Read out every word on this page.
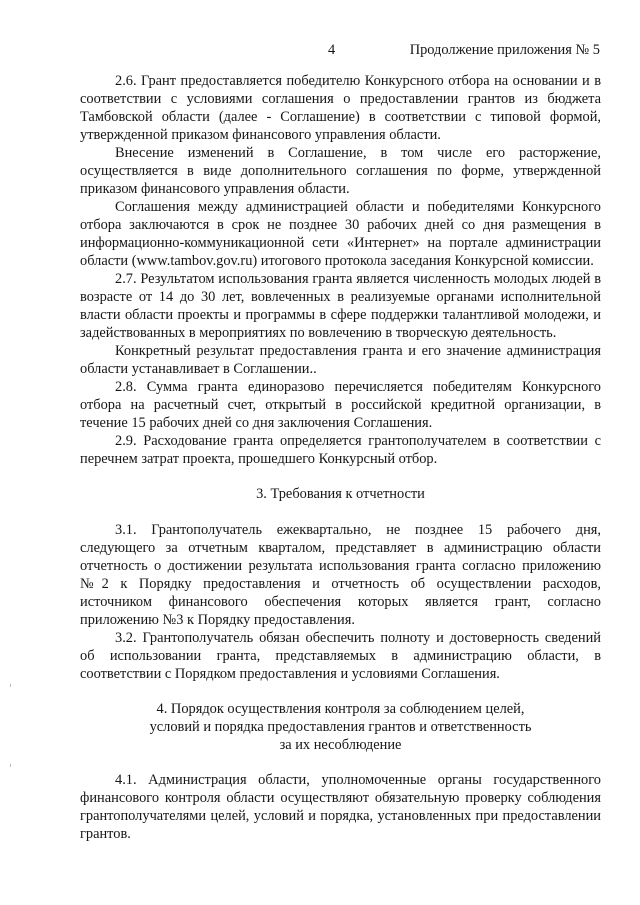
4	Продолжение приложения № 5

2.6. Грант предоставляется победителю Конкурсного отбора на основании и в соответствии с условиями соглашения о предоставлении грантов из бюджета Тамбовской области (далее - Соглашение) в соответствии с типовой формой, утвержденной приказом финансового управления области.

Внесение изменений в Соглашение, в том числе его расторжение, осуществляется в виде дополнительного соглашения по форме, утвержденной приказом финансового управления области.

Соглашения между администрацией области и победителями Конкурсного отбора заключаются в срок не позднее 30 рабочих дней со дня размещения в информационно-коммуникационной сети «Интернет» на портале администрации области (www.tambov.gov.ru) итогового протокола заседания Конкурсной комиссии.

2.7. Результатом использования гранта является численность молодых людей в возрасте от 14 до 30 лет, вовлеченных в реализуемые органами исполнительной власти области проекты и программы в сфере поддержки талантливой молодежи, и задействованных в мероприятиях по вовлечению в творческую деятельность.

Конкретный результат предоставления гранта и его значение администрация области устанавливает в Соглашении..

2.8. Сумма гранта единоразово перечисляется победителям Конкурсного отбора на расчетный счет, открытый в российской кредитной организации, в течение 15 рабочих дней со дня заключения Соглашения.

2.9. Расходование гранта определяется грантополучателем в соответствии с перечнем затрат проекта, прошедшего Конкурсный отбор.

3. Требования к отчетности

3.1. Грантополучатель ежеквартально, не позднее 15 рабочего дня, следующего за отчетным кварталом, представляет в администрацию области отчетность о достижении результата использования гранта согласно приложению №2 к Порядку предоставления и отчетность об осуществлении расходов, источником финансового обеспечения которых является грант, согласно приложению №3 к Порядку предоставления.

3.2. Грантополучатель обязан обеспечить полноту и достоверность сведений об использовании гранта, представляемых в администрацию области, в соответствии с Порядком предоставления и условиями Соглашения.

4. Порядок осуществления контроля за соблюдением целей,

условий и порядка предоставления грантов и ответственность

за их несоблюдение

4.1. Администрация области, уполномоченные органы государственного финансового контроля области осуществляют обязательную проверку соблюдения грантополучателями целей, условий и порядка, установленных при предоставлении грантов.
